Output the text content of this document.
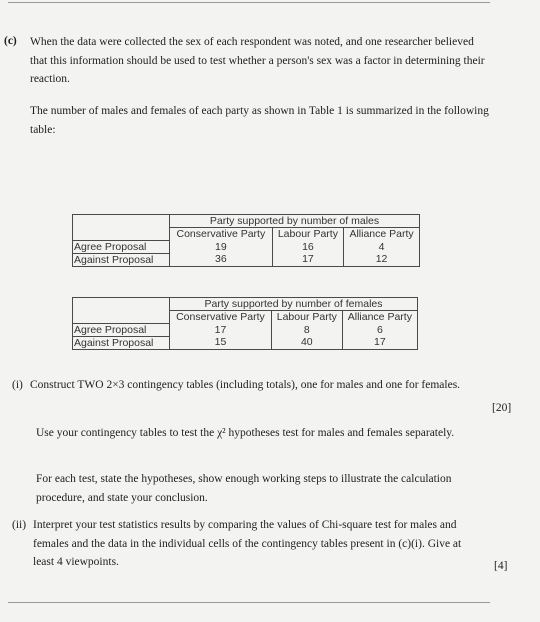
(c) When the data were collected the sex of each respondent was noted, and one researcher believed that this information should be used to test whether a person's sex was a factor in determining their reaction.

The number of males and females of each party as shown in Table 1 is summarized in the following table:

	Party supported by number of males		
	Conservative Party	Labour Party	Alliance Party
Agree Proposal	19	16	4
Against Proposal	36	17	12
	Party supported by number of females		
	Conservative Party	Labour Party	Alliance Party
Agree Proposal	17	8	6
Against Proposal	15	40	17
(i) Construct TWO 2×3 contingency tables (including totals), one for males and one for females.

[20]

Use your contingency tables to test the χ² hypotheses test for males and females separately.

For each test, state the hypotheses, show enough working steps to illustrate the calculation procedure, and state your conclusion.

(ii) Interpret your test statistics results by comparing the values of Chi-square test for males and females and the data in the individual cells of the contingency tables present in (c)(i). Give at least 4 viewpoints.	[4]
